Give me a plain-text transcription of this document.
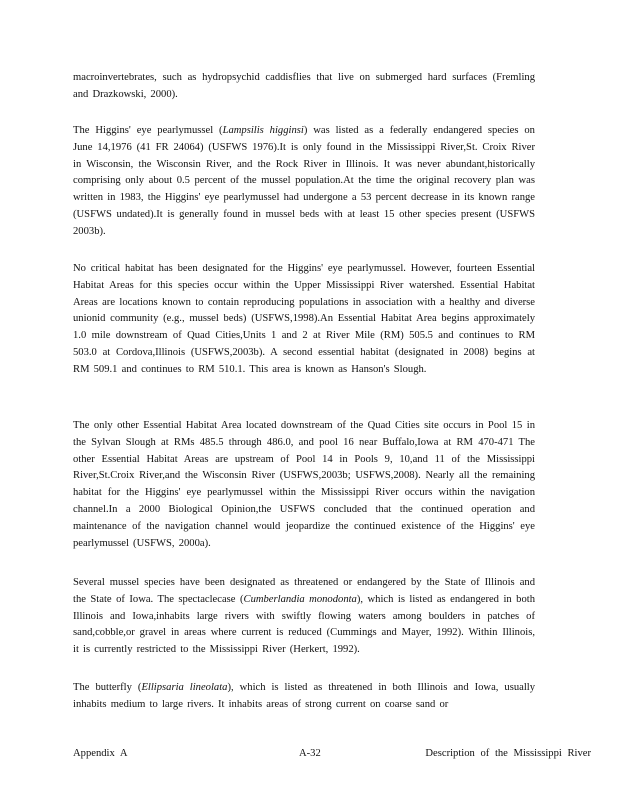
macroinvertebrates, such as hydropsychid caddisflies that live on submerged hard surfaces (Fremling and Drazkowski, 2000).
The Higgins' eye pearlymussel (Lampsilis higginsi) was listed as a federally endangered species on June 14,1976 (41 FR 24064) (USFWS 1976).It is only found in the Mississippi River,St. Croix River in Wisconsin, the Wisconsin River, and the Rock River in Illinois. It was never abundant,historically comprising only about 0.5 percent of the mussel population.At the time the original recovery plan was written in 1983, the Higgins' eye pearlymussel had undergone a 53 percent decrease in its known range (USFWS undated).It is generally found in mussel beds with at least 15 other species present (USFWS 2003b).
No critical habitat has been designated for the Higgins' eye pearlymussel. However, fourteen Essential Habitat Areas for this species occur within the Upper Mississippi River watershed. Essential Habitat Areas are locations known to contain reproducing populations in association with a healthy and diverse unionid community (e.g., mussel beds) (USFWS,1998).An Essential Habitat Area begins approximately 1.0 mile downstream of Quad Cities,Units 1 and 2 at River Mile (RM) 505.5 and continues to RM 503.0 at Cordova,Illinois (USFWS,2003b). A second essential habitat (designated in 2008) begins at RM 509.1 and continues to RM 510.1. This area is known as Hanson's Slough.
The only other Essential Habitat Area located downstream of the Quad Cities site occurs in Pool 15 in the Sylvan Slough at RMs 485.5 through 486.0, and pool 16 near Buffalo,Iowa at RM 470-471 The other Essential Habitat Areas are upstream of Pool 14 in Pools 9, 10,and 11 of the Mississippi River,St.Croix River,and the Wisconsin River (USFWS,2003b; USFWS,2008). Nearly all the remaining habitat for the Higgins' eye pearlymussel within the Mississippi River occurs within the navigation channel.In a 2000 Biological Opinion,the USFWS concluded that the continued operation and maintenance of the navigation channel would jeopardize the continued existence of the Higgins' eye pearlymussel (USFWS, 2000a).
Several mussel species have been designated as threatened or endangered by the State of Illinois and the State of Iowa. The spectaclecase (Cumberlandia monodonta), which is listed as endangered in both Illinois and Iowa,inhabits large rivers with swiftly flowing waters among boulders in patches of sand,cobble,or gravel in areas where current is reduced (Cummings and Mayer, 1992). Within Illinois, it is currently restricted to the Mississippi River (Herkert, 1992).
The butterfly (Ellipsaria lineolata), which is listed as threatened in both Illinois and Iowa, usually inhabits medium to large rivers. It inhabits areas of strong current on coarse sand or
Appendix A	A-32	Description of the Mississippi River
